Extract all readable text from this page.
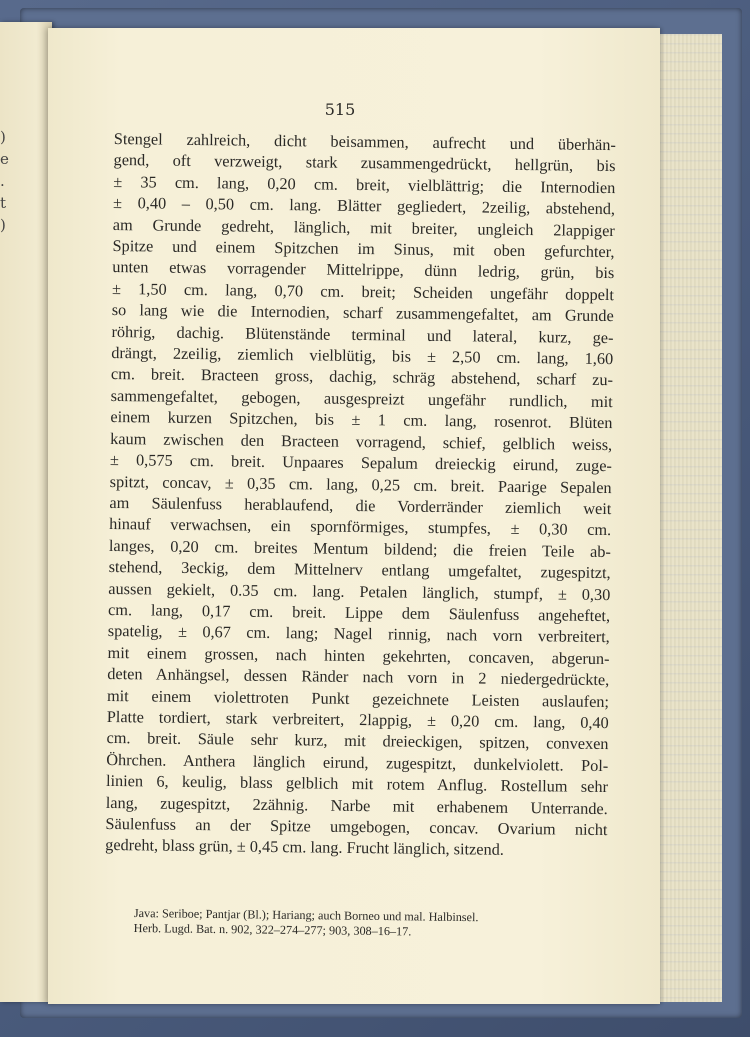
)
e
.
t
)
515
Stengel zahlreich, dicht beisammen, aufrecht und überhän-
gend, oft verzweigt, stark zusammengedrückt, hellgrün, bis
± 35 cm. lang, 0,20 cm. breit, vielblättrig; die Internodien
± 0,40 – 0,50 cm. lang. Blätter gegliedert, 2zeilig, abstehend,
am Grunde gedreht, länglich, mit breiter, ungleich 2lappiger
Spitze und einem Spitzchen im Sinus, mit oben gefurchter,
unten etwas vorragender Mittelrippe, dünn ledrig, grün, bis
± 1,50 cm. lang, 0,70 cm. breit; Scheiden ungefähr doppelt
so lang wie die Internodien, scharf zusammengefaltet, am Grunde
röhrig, dachig. Blütenstände terminal und lateral, kurz, ge-
drängt, 2zeilig, ziemlich vielblütig, bis ± 2,50 cm. lang, 1,60
cm. breit. Bracteen gross, dachig, schräg abstehend, scharf zu-
sammengefaltet, gebogen, ausgespreizt ungefähr rundlich, mit
einem kurzen Spitzchen, bis ± 1 cm. lang, rosenrot. Blüten
kaum zwischen den Bracteen vorragend, schief, gelblich weiss,
± 0,575 cm. breit. Unpaares Sepalum dreieckig eirund, zuge-
spitzt, concav, ± 0,35 cm. lang, 0,25 cm. breit. Paarige Sepalen
am Säulenfuss herablaufend, die Vorderränder ziemlich weit
hinauf verwachsen, ein spornförmiges, stumpfes, ± 0,30 cm.
langes, 0,20 cm. breites Mentum bildend; die freien Teile ab-
stehend, 3eckig, dem Mittelnerv entlang umgefaltet, zugespitzt,
aussen gekielt, 0.35 cm. lang. Petalen länglich, stumpf, ± 0,30
cm. lang, 0,17 cm. breit. Lippe dem Säulenfuss angeheftet,
spatelig, ± 0,67 cm. lang; Nagel rinnig, nach vorn verbreitert,
mit einem grossen, nach hinten gekehrten, concaven, abgerun-
deten Anhängsel, dessen Ränder nach vorn in 2 niedergedrückte,
mit einem violettroten Punkt gezeichnete Leisten auslaufen;
Platte tordiert, stark verbreitert, 2lappig, ± 0,20 cm. lang, 0,40
cm. breit. Säule sehr kurz, mit dreieckigen, spitzen, convexen
Öhrchen. Anthera länglich eirund, zugespitzt, dunkelviolett. Pol-
linien 6, keulig, blass gelblich mit rotem Anflug. Rostellum sehr
lang, zugespitzt, 2zähnig. Narbe mit erhabenem Unterrande.
Säulenfuss an der Spitze umgebogen, concav. Ovarium nicht
gedreht, blass grün, ± 0,45 cm. lang. Frucht länglich, sitzend.
Java: Seriboe; Pantjar (Bl.); Hariang; auch Borneo und mal. Halbinsel.
Herb. Lugd. Bat. n. 902, 322–274–277; 903, 308–16–17.
